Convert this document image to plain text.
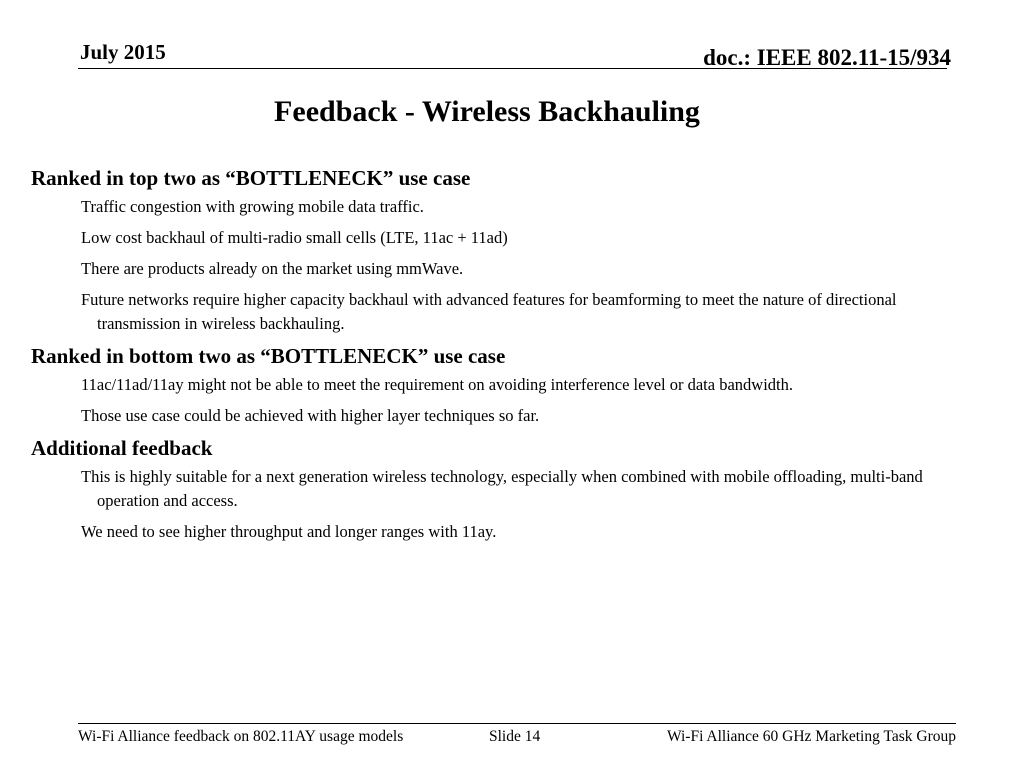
July 2015	doc.: IEEE 802.11-15/934
Feedback - Wireless Backhauling
Ranked in top two as “BOTTLENECK” use case
Traffic congestion with growing mobile data traffic.
Low cost backhaul of multi-radio small cells (LTE, 11ac + 11ad)
There are products already on the market using mmWave.
Future networks require higher capacity backhaul with advanced features for beamforming to meet the nature of directional transmission in wireless backhauling.
Ranked in bottom two as “BOTTLENECK” use case
11ac/11ad/11ay might not be able to meet the requirement on avoiding interference level or data bandwidth.
Those use case could be achieved with higher layer techniques so far.
Additional feedback
This is highly suitable for a next generation wireless technology, especially when combined with mobile offloading, multi-band operation and access.
We need to see higher throughput and longer ranges with 11ay.
Wi-Fi Alliance feedback on 802.11AY usage models	Slide 14	Wi-Fi Alliance 60 GHz Marketing Task Group
